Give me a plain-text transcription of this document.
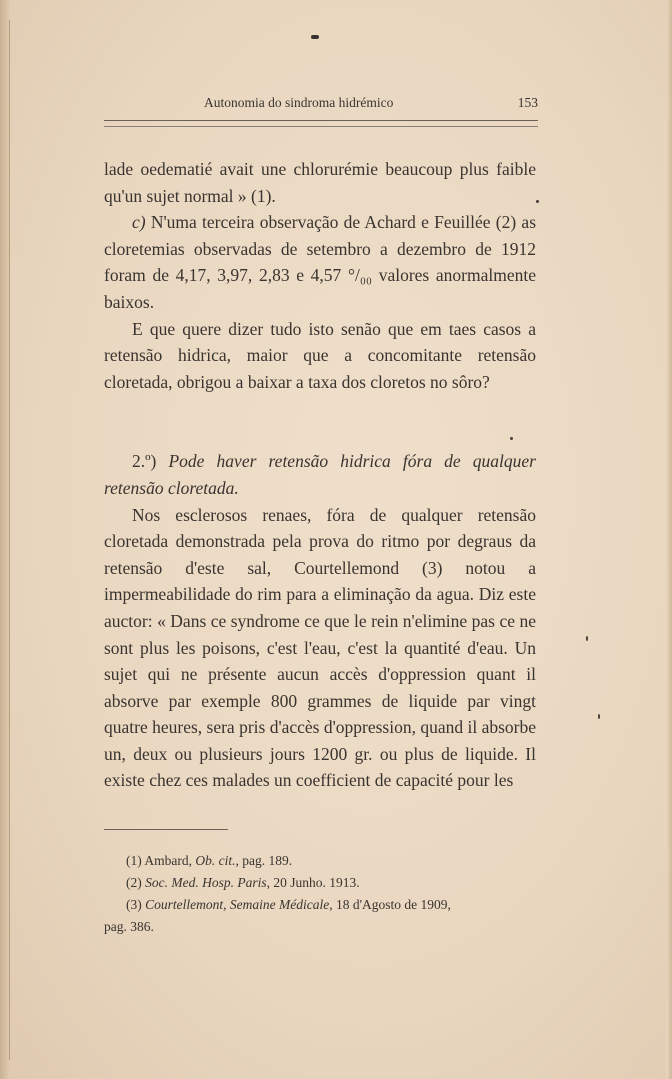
Autonomia do sindroma hidrémico	153

lade oedematié avait une chlorurémie beaucoup plus faible qu'un sujet normal » (1).

c) N'uma terceira observação de Achard e Feuillée (2) as cloretemias observadas de setembro a dezembro de 1912 foram de 4,17, 3,97, 2,83 e 4,57 °/₀₀ valores anormalmente baixos.

E que quere dizer tudo isto senão que em taes casos a retensão hidrica, maior que a concomitante retensão cloretada, obrigou a baixar a taxa dos cloretos no sôro?

2.º) Pode haver retensão hidrica fóra de qualquer retensão cloretada.

Nos esclerosos renaes, fóra de qualquer retensão cloretada demonstrada pela prova do ritmo por degraus da retensão d'este sal, Courtellemond (3) notou a impermeabilidade do rim para a eliminação da agua. Diz este auctor: « Dans ce syndrome ce que le rein n'elimine pas ce ne sont plus les poisons, c'est l'eau, c'est la quantité d'eau. Un sujet qui ne présente aucun accès d'oppression quant il absorve par exemple 800 grammes de liquide par vingt quatre heures, sera pris d'accès d'oppression, quand il absorbe un, deux ou plusieurs jours 1200 gr. ou plus de liquide. Il existe chez ces malades un coefficient de capacité pour les

(1) Ambard, Ob. cit., pag. 189.

(2) Soc. Med. Hosp. Paris, 20 Junho. 1913.

(3) Courtellemont, Semaine Médicale, 18 d'Agosto de 1909,

pag. 386.
